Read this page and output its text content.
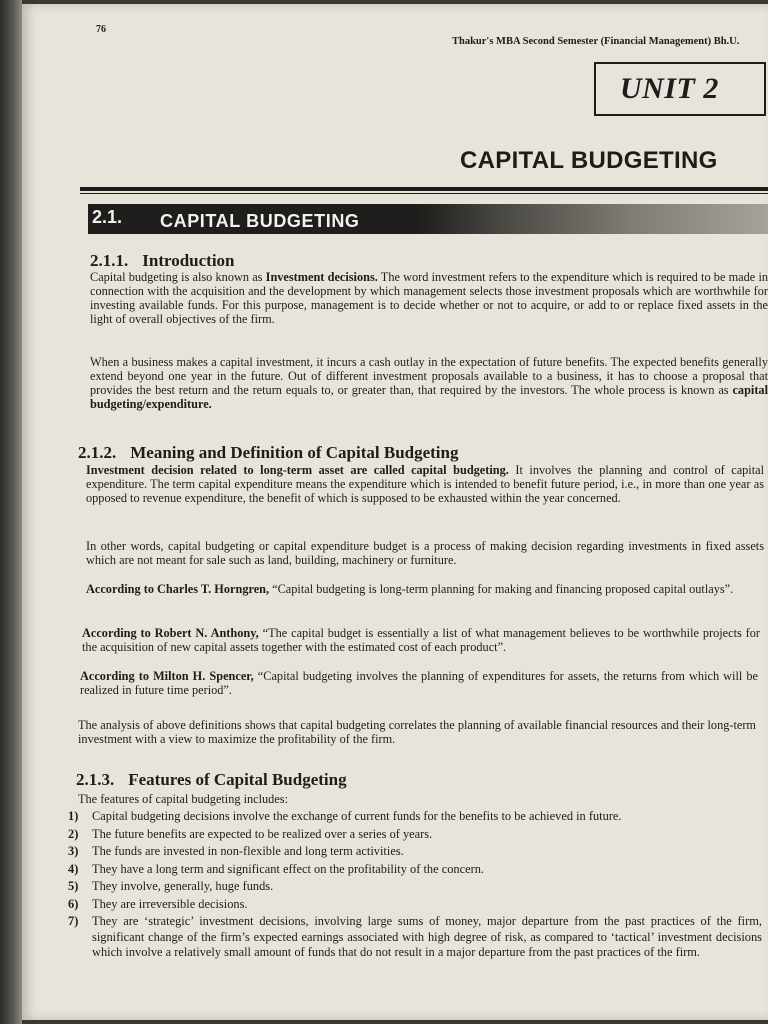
76
Thakur's MBA Second Semester (Financial Management) Bh.U.
UNIT 2
CAPITAL BUDGETING
2.1. CAPITAL BUDGETING
2.1.1. Introduction

Capital budgeting is also known as Investment decisions. The word investment refers to the expenditure which is required to be made in connection with the acquisition and the development by which management selects those investment proposals which are worthwhile for investing available funds. For this purpose, management is to decide whether or not to acquire, or add to or replace fixed assets in the light of overall objectives of the firm.

When a business makes a capital investment, it incurs a cash outlay in the expectation of future benefits. The expected benefits generally extend beyond one year in the future. Out of different investment proposals available to a business, it has to choose a proposal that provides the best return and the return equals to, or greater than, that required by the investors. The whole process is known as capital budgeting/expenditure.

2.1.2. Meaning and Definition of Capital Budgeting

Investment decision related to long-term asset are called capital budgeting. It involves the planning and control of capital expenditure. The term capital expenditure means the expenditure which is intended to benefit future period, i.e., in more than one year as opposed to revenue expenditure, the benefit of which is supposed to be exhausted within the year concerned.

In other words, capital budgeting or capital expenditure budget is a process of making decision regarding investments in fixed assets which are not meant for sale such as land, building, machinery or furniture.

According to Charles T. Horngren, “Capital budgeting is long-term planning for making and financing proposed capital outlays”.

According to Robert N. Anthony, “The capital budget is essentially a list of what management believes to be worthwhile projects for the acquisition of new capital assets together with the estimated cost of each product”.

According to Milton H. Spencer, “Capital budgeting involves the planning of expenditures for assets, the returns from which will be realized in future time period”.

The analysis of above definitions shows that capital budgeting correlates the planning of available financial resources and their long-term investment with a view to maximize the profitability of the firm.

2.1.3. Features of Capital Budgeting

The features of capital budgeting includes:

1) Capital budgeting decisions involve the exchange of current funds for the benefits to be achieved in future.
2) The future benefits are expected to be realized over a series of years.
3) The funds are invested in non-flexible and long term activities.
4) They have a long term and significant effect on the profitability of the concern.
5) They involve, generally, huge funds.
6) They are irreversible decisions.
7) They are ‘strategic’ investment decisions, involving large sums of money, major departure from the past practices of the firm, significant change of the firm’s expected earnings associated with high degree of risk, as compared to ‘tactical’ investment decisions which involve a relatively small amount of funds that do not result in a major departure from the past practices of the firm.
